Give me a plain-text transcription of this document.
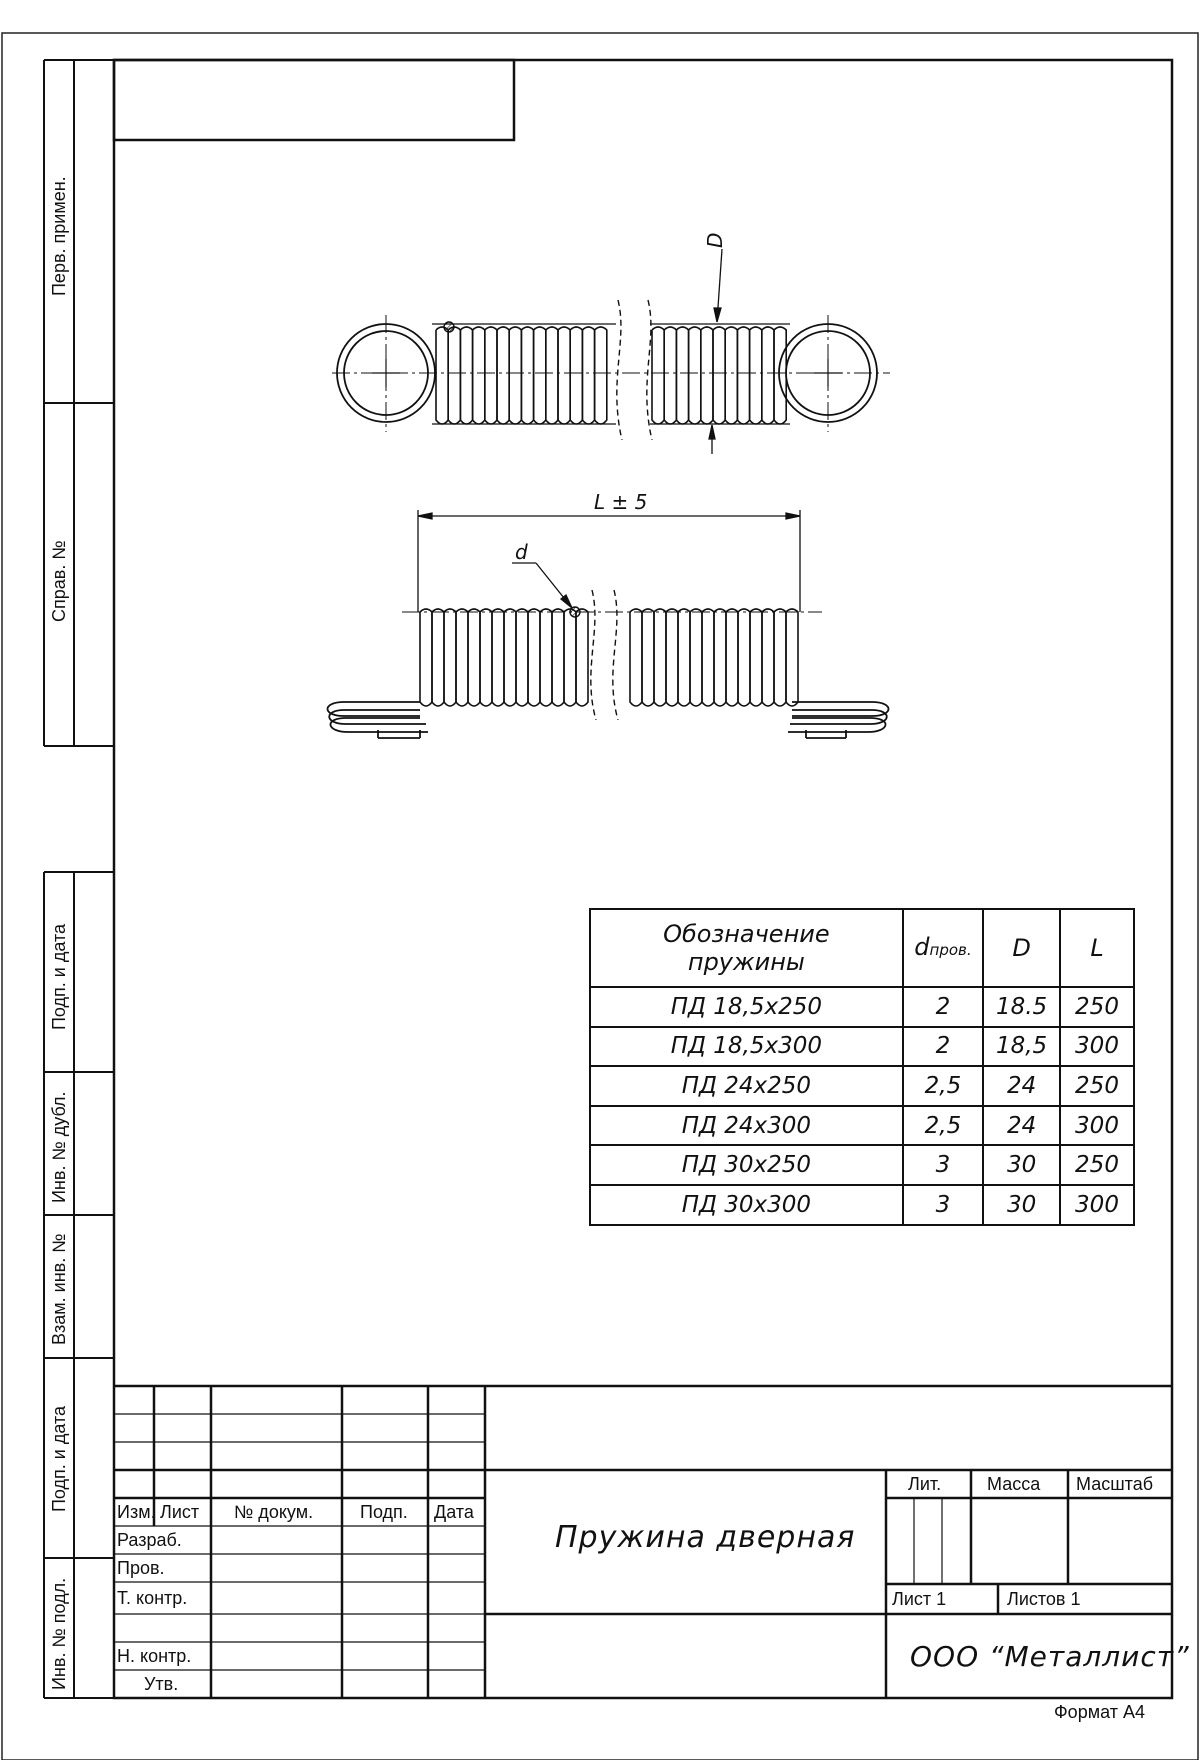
D
L ± 5
d
Перв. примен.
Справ. №
Подп. и дата
Инв. № дубл.
Взам. инв. №
Подп. и дата
Инв. № подл.
Обозначение пружины	dпров.	D	L
ПД 18,5x250	2	18.5	250
ПД 18,5x300	2	18,5	300
ПД 24x250	2,5	24	250
ПД 24x300	2,5	24	300
ПД 30x250	3	30	250
ПД 30x300	3	30	300
Изм. Лист № докум.	Подп. Дата
Разраб.
Пров.
Т. контр.
Н. контр.
Утв.
Лит.	Масса Масштаб
Лист 1	Листов 1
Пружина дверная
ООО “Металлист”
Формат А4
